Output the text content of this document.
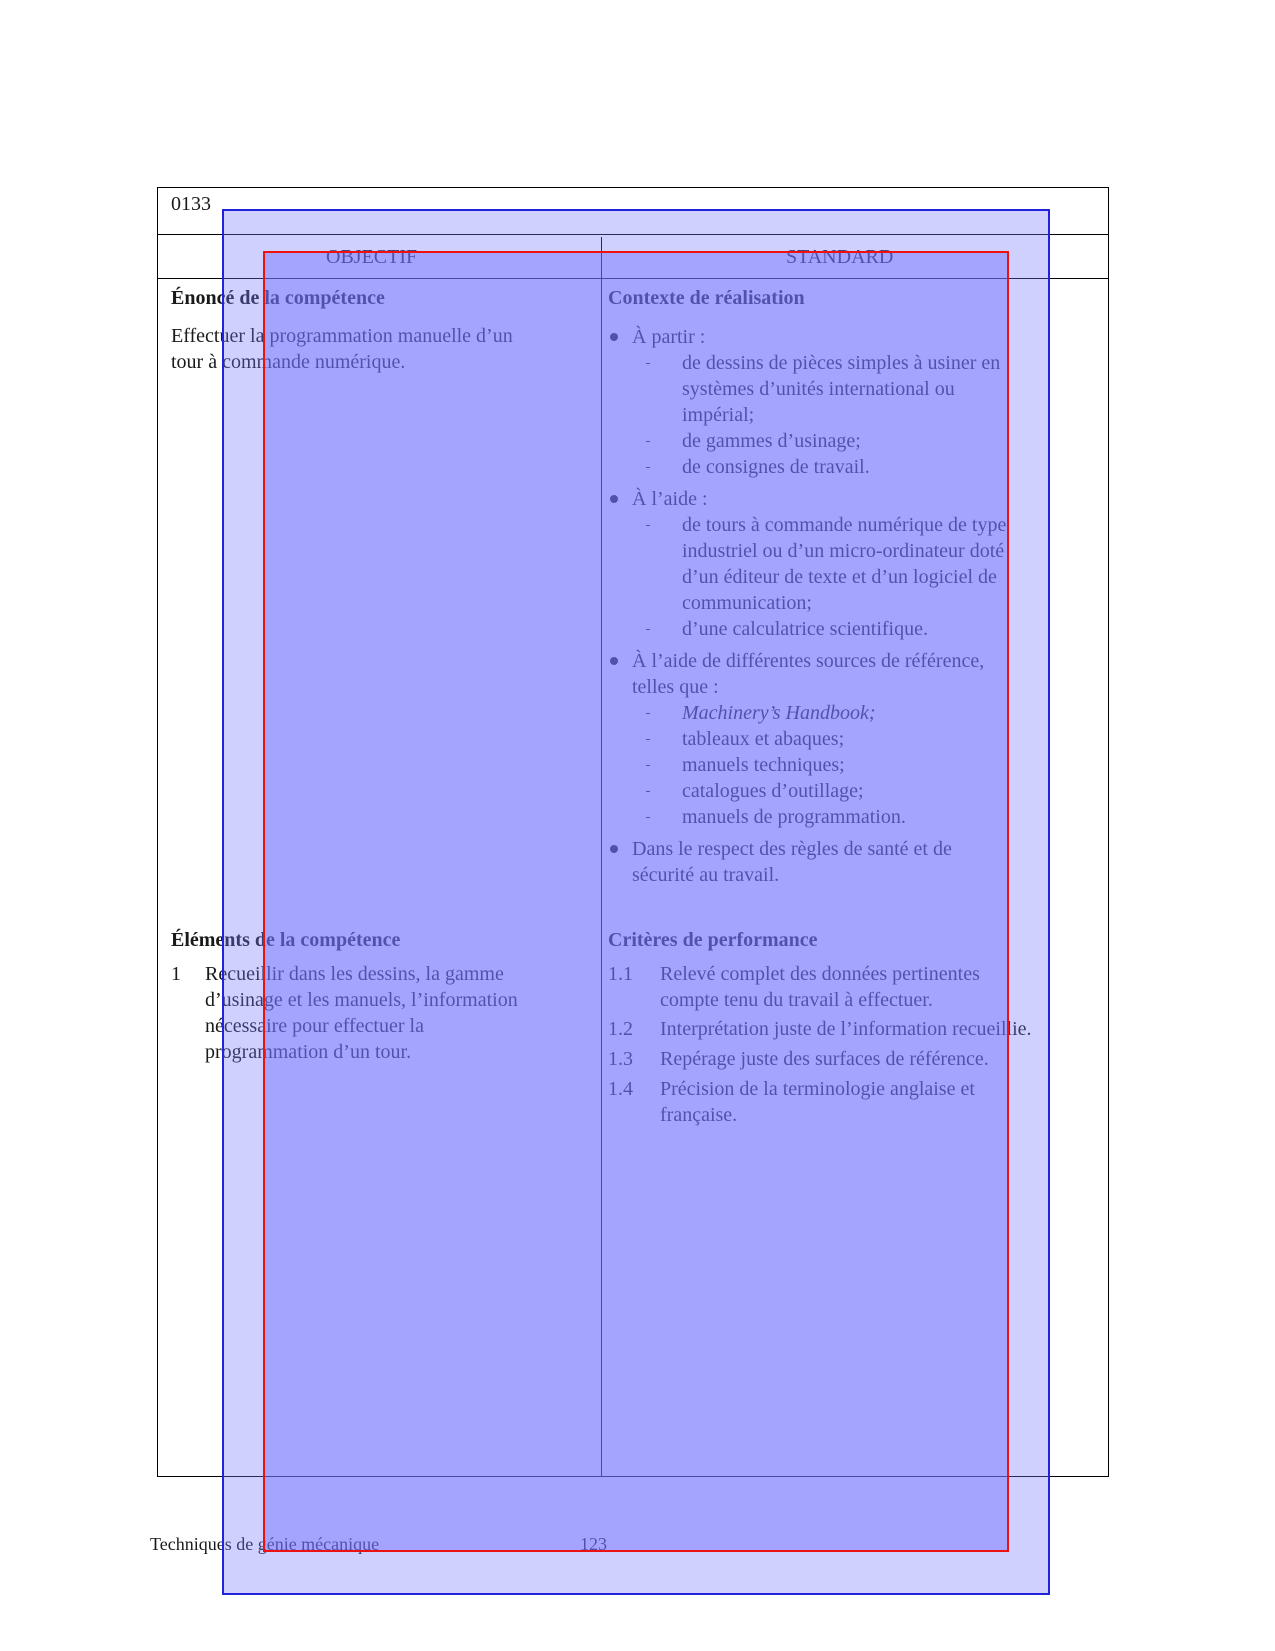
0133
OBJECTIF	STANDARD
Énoncé de la compétence
Effectuer la programmation manuelle d’un
tour à commande numérique.
Éléments de la compétence
1 Recueillir dans les dessins, la gamme
d’usinage et les manuels, l’information
nécessaire pour effectuer la
programmation d’un tour.
Contexte de réalisation
À partir :
de dessins de pièces simples à usiner en
systèmes d’unités international ou
impérial;
de gammes d’usinage;
de consignes de travail.
À l’aide :
de tours à commande numérique de type
industriel ou d’un micro-ordinateur doté
d’un éditeur de texte et d’un logiciel de
communication;
d’une calculatrice scientifique.
À l’aide de différentes sources de référence,
telles que :
Machinery’s Handbook;
tableaux et abaques;
manuels techniques;
catalogues d’outillage;
manuels de programmation.
Dans le respect des règles de santé et de
sécurité au travail.
Critères de performance
1.1 Relevé complet des données pertinentes
compte tenu du travail à effectuer.
1.2 Interprétation juste de l’information recueillie.
1.3 Repérage juste des surfaces de référence.
1.4 Précision de la terminologie anglaise et
française.
Techniques de génie mécanique	123
